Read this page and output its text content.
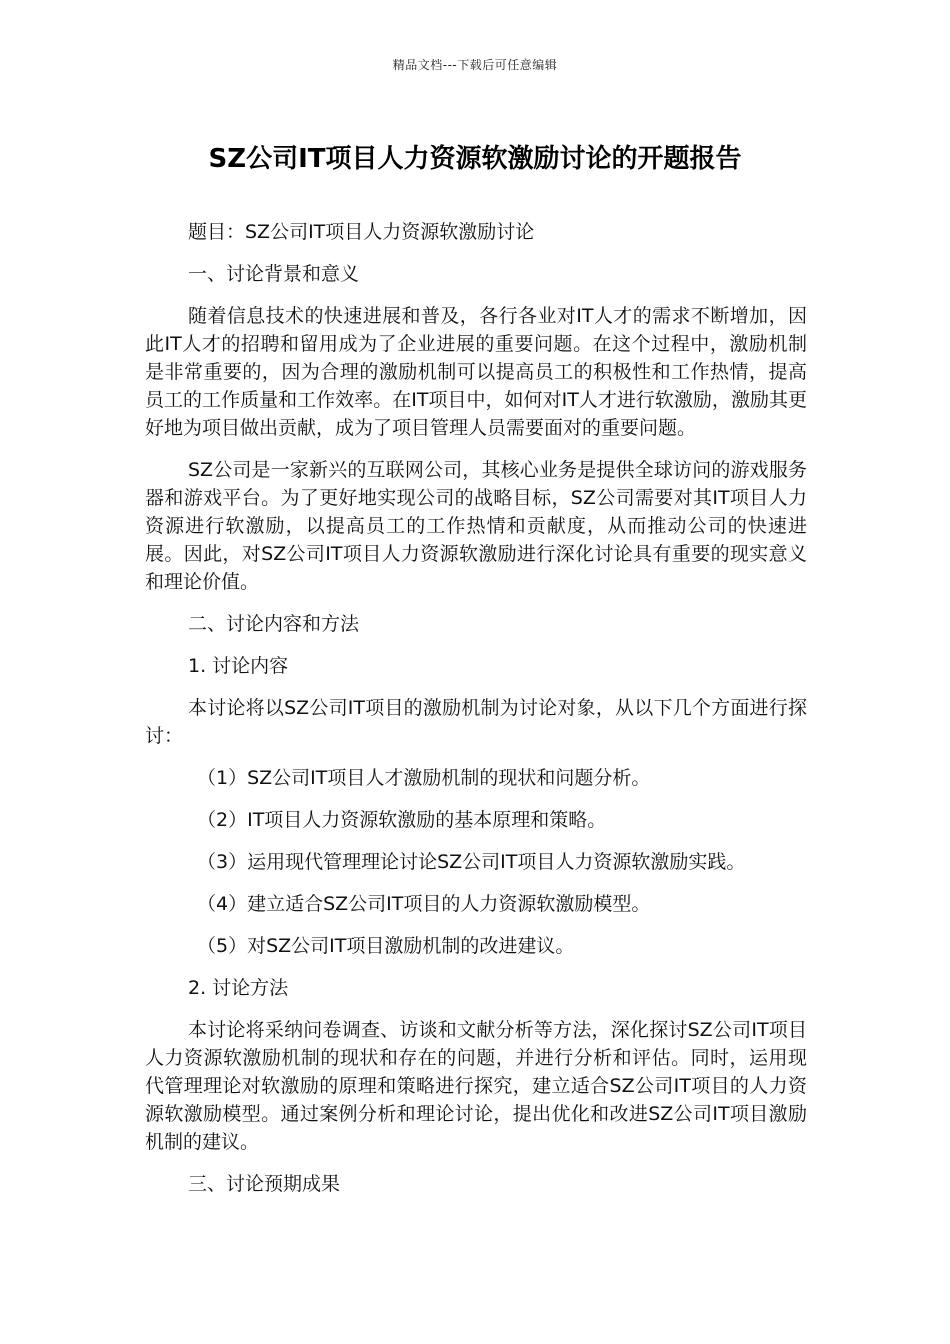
精品文档---下载后可任意编辑
SZ公司IT项目人力资源软激励讨论的开题报告

题目：SZ公司IT项目人力资源软激励讨论

一、讨论背景和意义

随着信息技术的快速进展和普及，各行各业对IT人才的需求不断增加，因此IT人才的招聘和留用成为了企业进展的重要问题。在这个过程中，激励机制是非常重要的，因为合理的激励机制可以提高员工的积极性和工作热情，提高员工的工作质量和工作效率。在IT项目中，如何对IT人才进行软激励，激励其更好地为项目做出贡献，成为了项目管理人员需要面对的重要问题。

SZ公司是一家新兴的互联网公司，其核心业务是提供全球访问的游戏服务器和游戏平台。为了更好地实现公司的战略目标，SZ公司需要对其IT项目人力资源进行软激励，以提高员工的工作热情和贡献度，从而推动公司的快速进展。因此，对SZ公司IT项目人力资源软激励进行深化讨论具有重要的现实意义和理论价值。

二、讨论内容和方法

1. 讨论内容

本讨论将以SZ公司IT项目的激励机制为讨论对象，从以下几个方面进行探讨：

（1）SZ公司IT项目人才激励机制的现状和问题分析。

（2）IT项目人力资源软激励的基本原理和策略。

（3）运用现代管理理论讨论SZ公司IT项目人力资源软激励实践。

（4）建立适合SZ公司IT项目的人力资源软激励模型。

（5）对SZ公司IT项目激励机制的改进建议。

2. 讨论方法

本讨论将采纳问卷调查、访谈和文献分析等方法，深化探讨SZ公司IT项目人力资源软激励机制的现状和存在的问题，并进行分析和评估。同时，运用现代管理理论对软激励的原理和策略进行探究，建立适合SZ公司IT项目的人力资源软激励模型。通过案例分析和理论讨论，提出优化和改进SZ公司IT项目激励机制的建议。

三、讨论预期成果
